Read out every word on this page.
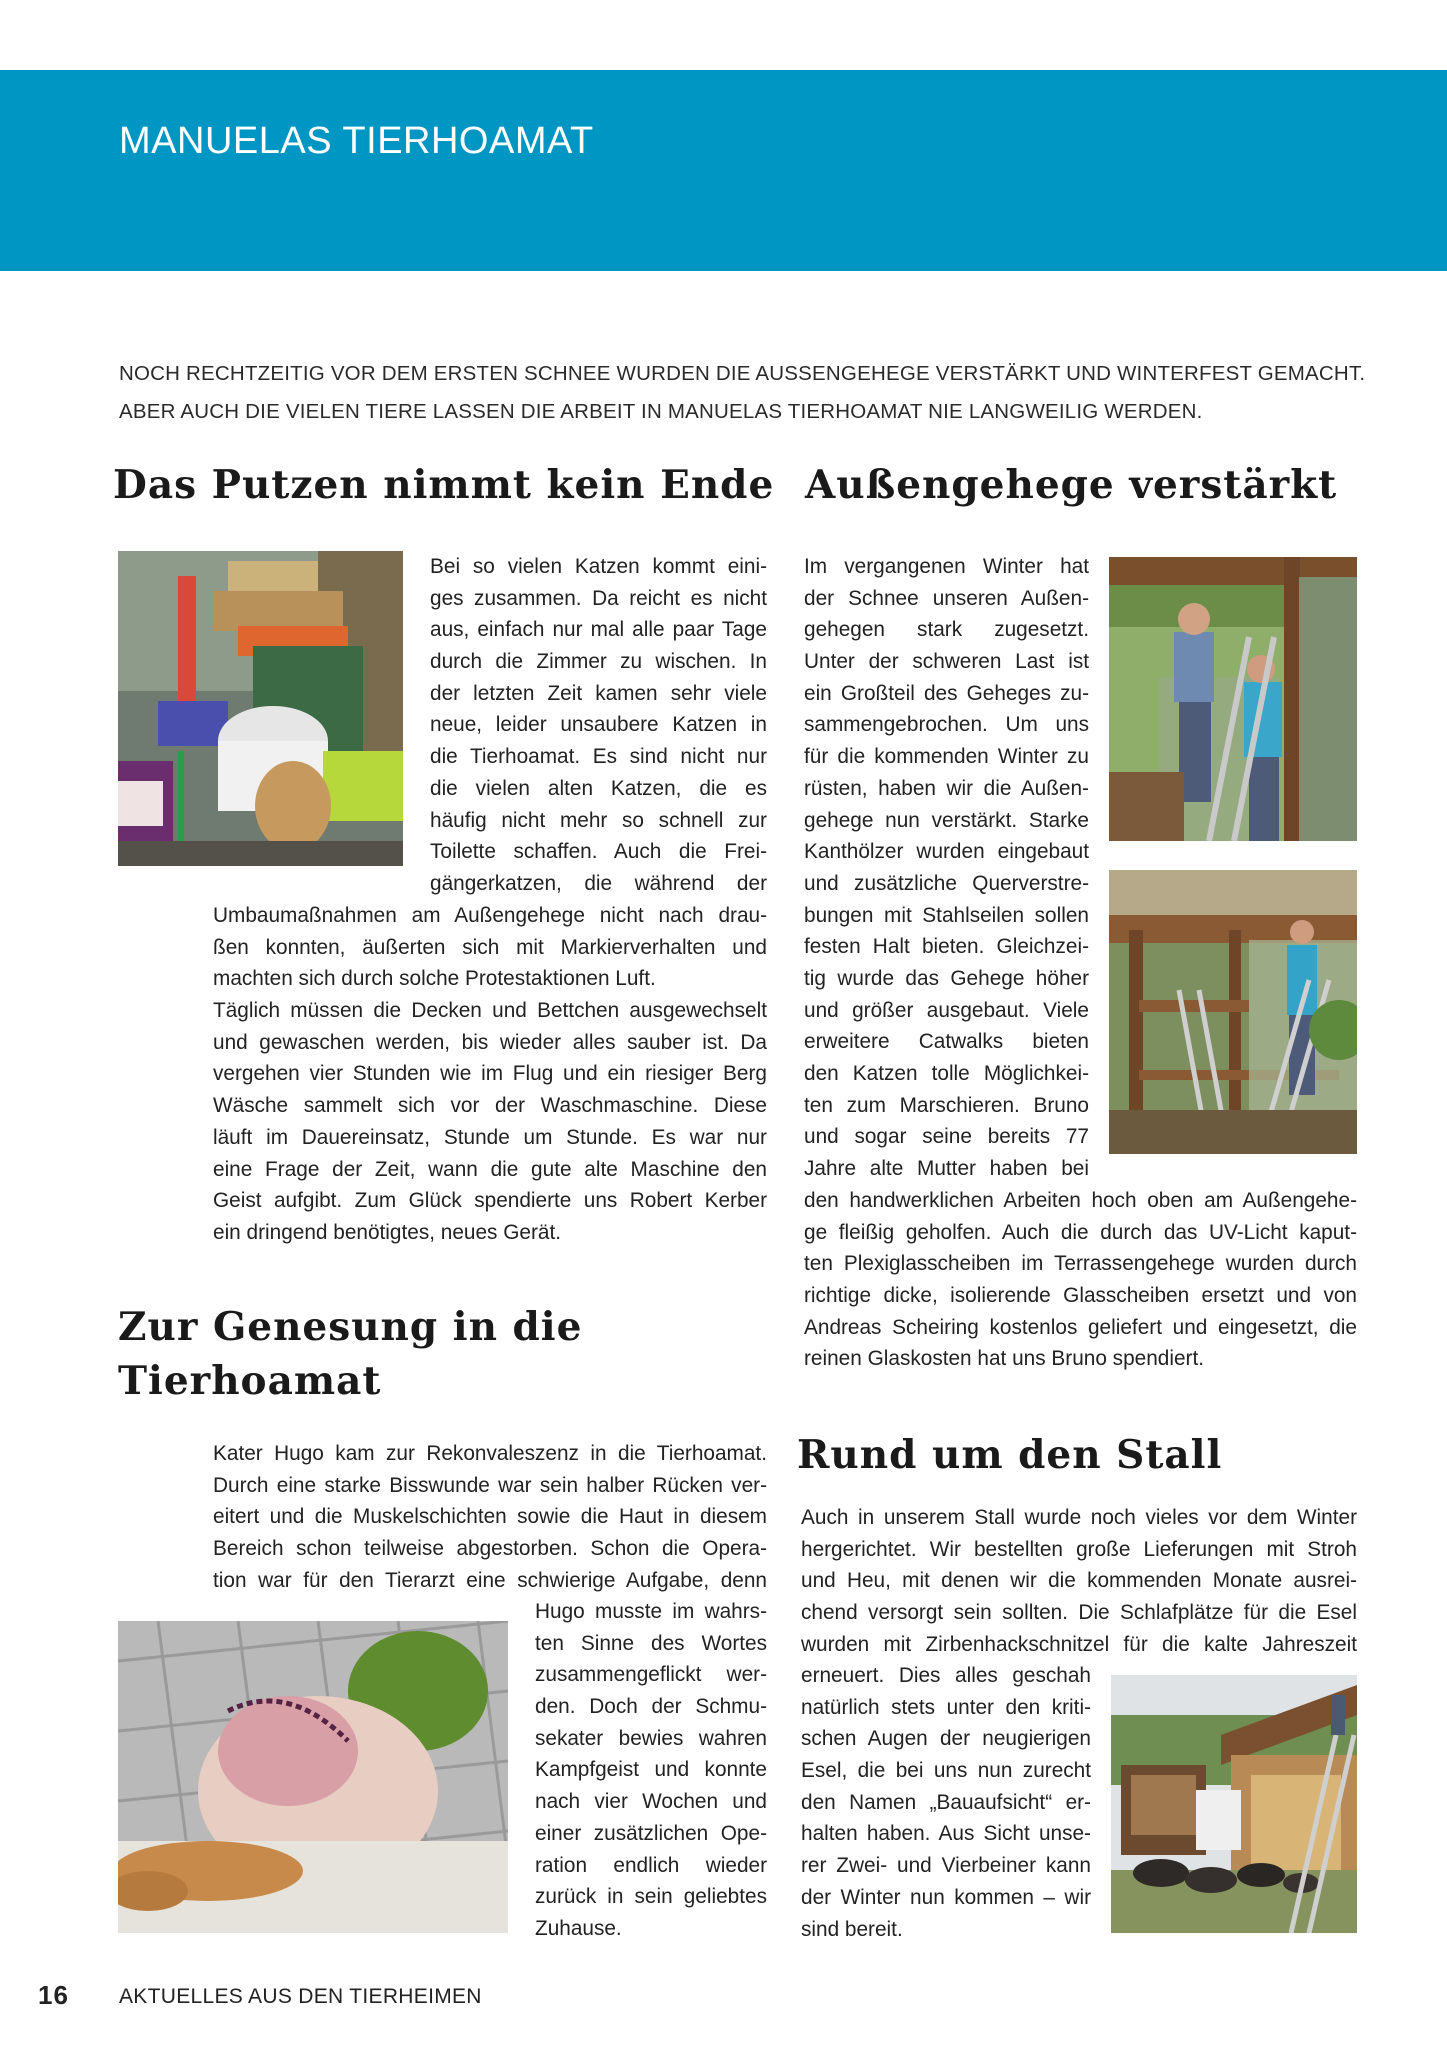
MANUELAS TIERHOAMAT
NOCH RECHTZEITIG VOR DEM ERSTEN SCHNEE WURDEN DIE AUSSENGEHEGE VERSTÄRKT UND WINTERFEST GEMACHT.
ABER AUCH DIE VIELEN TIERE LASSEN DIE ARBEIT IN MANUELAS TIERHOAMAT NIE LANGWEILIG WERDEN.
Das Putzen nimmt kein Ende
Bei so vielen Katzen kommt eini-
ges zusammen. Da reicht es nicht
aus, einfach nur mal alle paar Tage
durch die Zimmer zu wischen. In
der letzten Zeit kamen sehr viele
neue, leider unsaubere Katzen in
die Tierhoamat. Es sind nicht nur
die vielen alten Katzen, die es
häufig nicht mehr so schnell zur
Toilette schaffen. Auch die Frei-
gängerkatzen, die während der
Umbaumaßnahmen am Außengehege nicht nach drau-
ßen konnten, äußerten sich mit Markierverhalten und
machten sich durch solche Protestaktionen Luft.
Täglich müssen die Decken und Bettchen ausgewechselt
und gewaschen werden, bis wieder alles sauber ist. Da
vergehen vier Stunden wie im Flug und ein riesiger Berg
Wäsche sammelt sich vor der Waschmaschine. Diese
läuft im Dauereinsatz, Stunde um Stunde. Es war nur
eine Frage der Zeit, wann die gute alte Maschine den
Geist aufgibt. Zum Glück spendierte uns Robert Kerber
ein dringend benötigtes, neues Gerät.
Zur Genesung in die
Tierhoamat
Kater Hugo kam zur Rekonvaleszenz in die Tierhoamat.
Durch eine starke Bisswunde war sein halber Rücken ver-
eitert und die Muskelschichten sowie die Haut in diesem
Bereich schon teilweise abgestorben. Schon die Opera-
tion war für den Tierarzt eine schwierige Aufgabe, denn
Hugo musste im wahrs-
ten Sinne des Wortes
zusammengeflickt wer-
den. Doch der Schmu-
sekater bewies wahren
Kampfgeist und konnte
nach vier Wochen und
einer zusätzlichen Ope-
ration endlich wieder
zurück in sein geliebtes
Zuhause.
Außengehege verstärkt
Im vergangenen Winter hat
der Schnee unseren Außen-
gehegen stark zugesetzt.
Unter der schweren Last ist
ein Großteil des Geheges zu-
sammengebrochen. Um uns
für die kommenden Winter zu
rüsten, haben wir die Außen-
gehege nun verstärkt. Starke
Kanthölzer wurden eingebaut
und zusätzliche Querverstre-
bungen mit Stahlseilen sollen
festen Halt bieten. Gleichzei-
tig wurde das Gehege höher
und größer ausgebaut. Viele
erweitere Catwalks bieten
den Katzen tolle Möglichkei-
ten zum Marschieren. Bruno
und sogar seine bereits 77
Jahre alte Mutter haben bei
den handwerklichen Arbeiten hoch oben am Außengehe-
ge fleißig geholfen. Auch die durch das UV-Licht kaput-
ten Plexiglasscheiben im Terrassengehege wurden durch
richtige dicke, isolierende Glasscheiben ersetzt und von
Andreas Scheiring kostenlos geliefert und eingesetzt, die
reinen Glaskosten hat uns Bruno spendiert.
Rund um den Stall
Auch in unserem Stall wurde noch vieles vor dem Winter
hergerichtet. Wir bestellten große Lieferungen mit Stroh
und Heu, mit denen wir die kommenden Monate ausrei-
chend versorgt sein sollten. Die Schlafplätze für die Esel
wurden mit Zirbenhackschnitzel für die kalte Jahreszeit
erneuert. Dies alles geschah
natürlich stets unter den kriti-
schen Augen der neugierigen
Esel, die bei uns nun zurecht
den Namen „Bauaufsicht“ er-
halten haben. Aus Sicht unse-
rer Zwei- und Vierbeiner kann
der Winter nun kommen – wir
sind bereit.
16 AKTUELLES AUS DEN TIERHEIMEN
